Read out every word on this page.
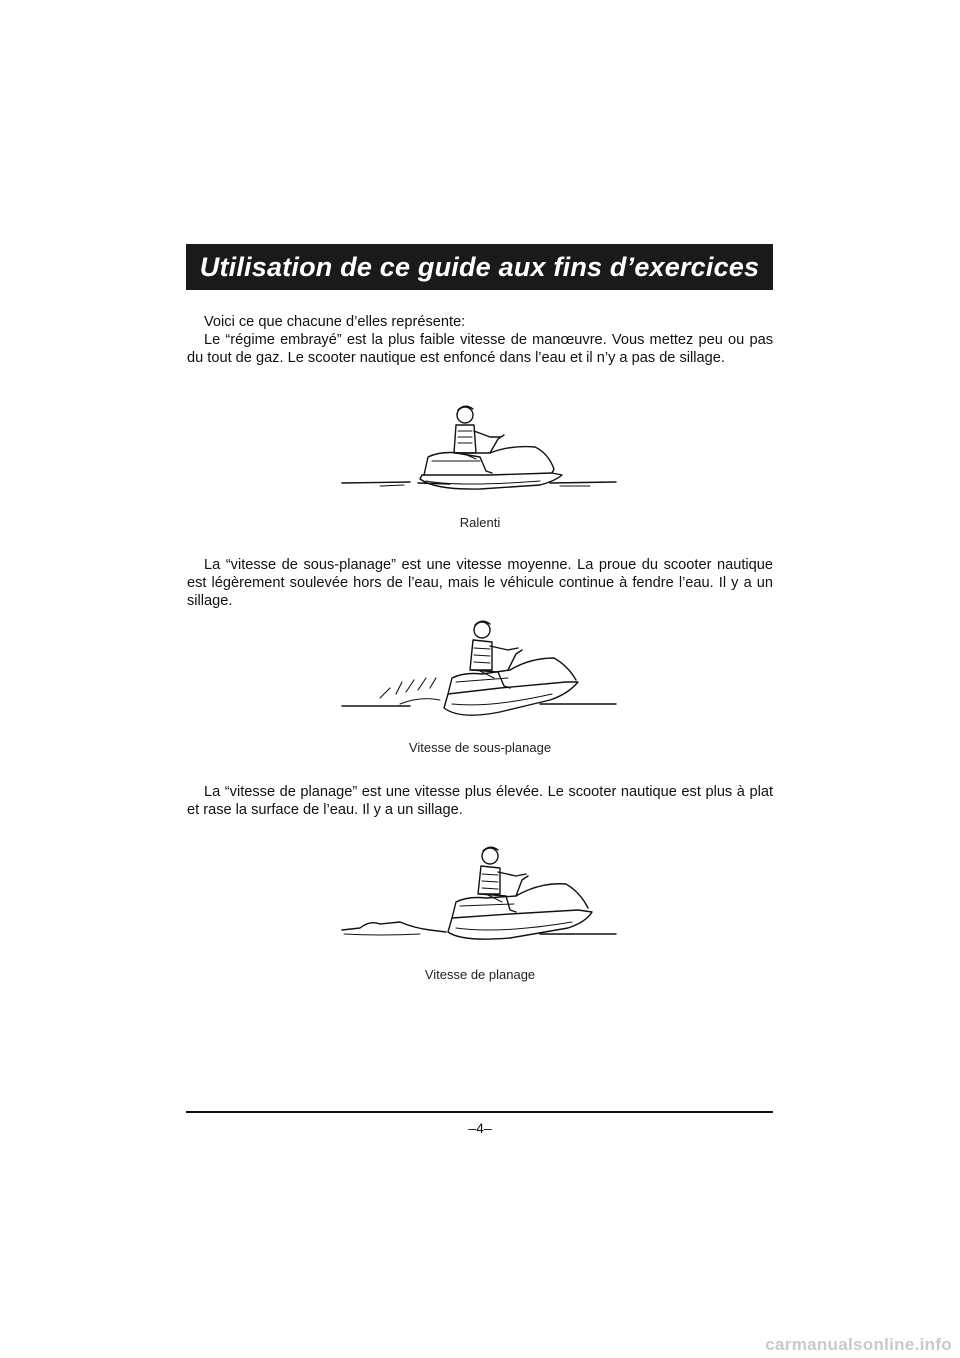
Utilisation de ce guide aux fins d’exercices

Voici ce que chacune d’elles représente:

Le “régime embrayé” est la plus faible vitesse de manœuvre. Vous mettez peu ou pas du tout de gaz. Le scooter nautique est enfoncé dans l’eau et il n’y a pas de sillage.

Ralenti

La “vitesse de sous-planage” est une vitesse moyenne. La proue du scooter nautique est légèrement soulevée hors de l’eau, mais le véhicule continue à fendre l’eau. Il y a un sillage.

Vitesse de sous-planage

La “vitesse de planage” est une vitesse plus élevée. Le scooter nautique est plus à plat et rase la surface de l’eau. Il y a un sillage.

Vitesse de planage
–4–
carmanualsonline.info
